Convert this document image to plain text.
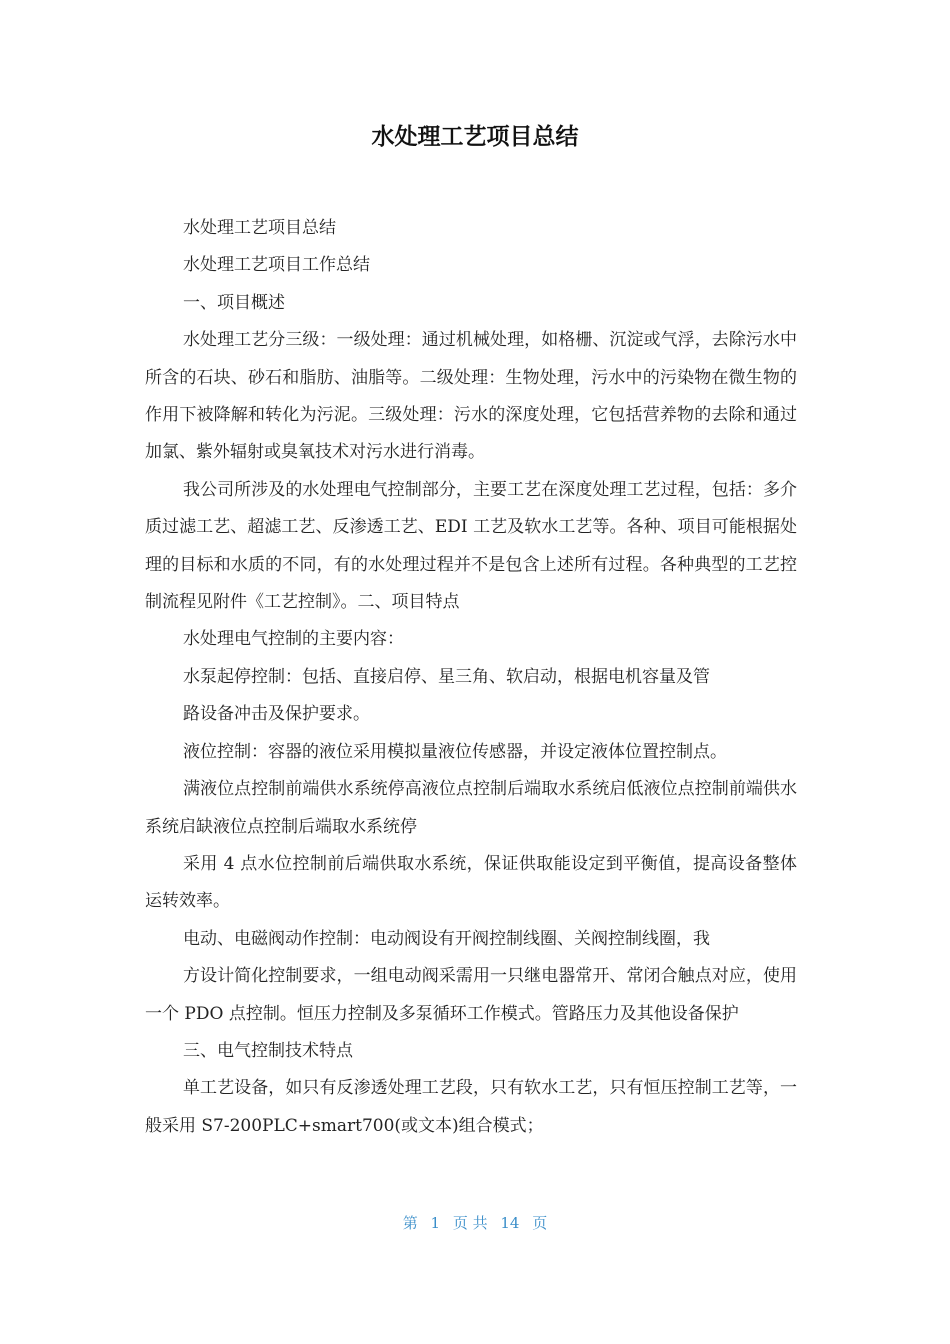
水处理工艺项目总结

水处理工艺项目总结

水处理工艺项目工作总结

一、项目概述

水处理工艺分三级：一级处理：通过机械处理，如格栅、沉淀或气浮，去除污水中所含的石块、砂石和脂肪、油脂等。二级处理：生物处理，污水中的污染物在微生物的作用下被降解和转化为污泥。三级处理：污水的深度处理，它包括营养物的去除和通过加氯、紫外辐射或臭氧技术对污水进行消毒。

我公司所涉及的水处理电气控制部分，主要工艺在深度处理工艺过程，包括：多介质过滤工艺、超滤工艺、反渗透工艺、EDI 工艺及软水工艺等。各种、项目可能根据处理的目标和水质的不同，有的水处理过程并不是包含上述所有过程。各种典型的工艺控制流程见附件《工艺控制》。二、项目特点

水处理电气控制的主要内容：

水泵起停控制：包括、直接启停、星三角、软启动，根据电机容量及管

路设备冲击及保护要求。

液位控制：容器的液位采用模拟量液位传感器，并设定液体位置控制点。

满液位点控制前端供水系统停高液位点控制后端取水系统启低液位点控制前端供水系统启缺液位点控制后端取水系统停

采用 4 点水位控制前后端供取水系统，保证供取能设定到平衡值，提高设备整体运转效率。

电动、电磁阀动作控制：电动阀设有开阀控制线圈、关阀控制线圈，我

方设计简化控制要求，一组电动阀采需用一只继电器常开、常闭合触点对应，使用一个 PDO 点控制。恒压力控制及多泵循环工作模式。管路压力及其他设备保护

三、电气控制技术特点

单工艺设备，如只有反渗透处理工艺段，只有软水工艺，只有恒压控制工艺等，一般采用 S7-200PLC+smart700(或文本)组合模式；

第 1 页 共 14 页
